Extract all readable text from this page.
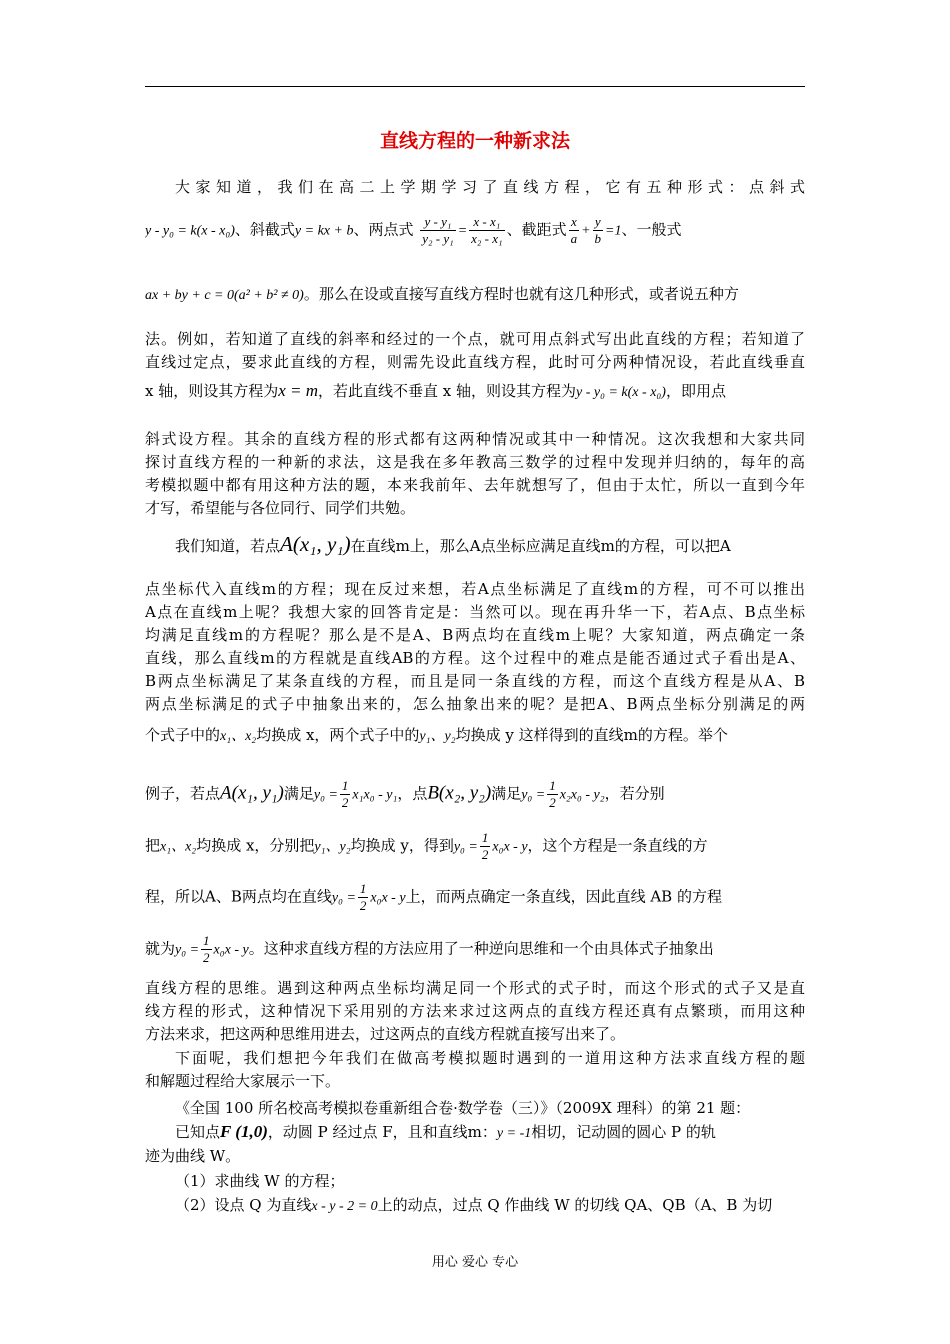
直线方程的一种新求法
大家知道，我们在高二上学期学习了直线方程，它有五种形式：点斜式
y - y₀ = k(x - x₀)、斜截式y = kx + b、两点式 $\frac{\text{y - y₁}}{\text{y₂ - y₁}} = \frac{\text{x - x₁}}{\text{x₂ - x₁}}$ 、截距式 $\frac{x}{a} + \frac{y}{b} =1$、一般式
ax + by + c = 0(a² + b² ≠ 0)。那么在设或直接写直线方程时也就有这几种形式，或者说五种方
法。例如，若知道了直线的斜率和经过的一个点，就可用点斜式写出此直线的方程；若知道了
直线过定点，要求此直线的方程，则需先设此直线方程，此时可分两种情况设，若此直线垂直
x 轴，则设其方程为x = m，若此直线不垂直 x 轴，则设其方程为y - y₀ = k(x - x₀)，即用点
斜式设方程。其余的直线方程的形式都有这两种情况或其中一种情况。这次我想和大家共同
探讨直线方程的一种新的求法，这是我在多年教高三数学的过程中发现并归纳的，每年的高
考模拟题中都有用这种方法的题，本来我前年、去年就想写了，但由于太忙，所以一直到今年
才写，希望能与各位同行、同学们共勉。
我们知道，若点A(x₁, y₁)在直线m上，那么A点坐标应满足直线m的方程，可以把A
点坐标代入直线m的方程；现在反过来想，若A点坐标满足了直线m的方程，可不可以推出
A点在直线m上呢？我想大家的回答肯定是：当然可以。现在再升华一下，若A点、B点坐标
均满足直线m的方程呢？那么是不是A、B两点均在直线m上呢？大家知道，两点确定一条
直线，那么直线m的方程就是直线AB的方程。这个过程中的难点是能否通过式子看出是A、
B两点坐标满足了某条直线的方程，而且是同一条直线的方程，而这个直线方程是从A、B
两点坐标满足的式子中抽象出来的，怎么抽象出来的呢？是把A、B两点坐标分别满足的两
个式子中的x₁、x₂均换成 x，两个式子中的y₁、y₂均换成 y 这样得到的直线m的方程。举个
例子，若点A(x₁, y₁)满足$y_0 = \frac{1}{2} x_1x_0 - y_1$，点B(x₂, y₂)满足$y_0 = \frac{1}{2} x_2x_0 - y_2$，若分别
把x₁、x₂均换成 x，分别把y₁、y₂均换成 y，得到$y_0 = \frac{1}{2} x_0x - y$，这个方程是一条直线的方
程，所以A、B两点均在直线$y_0 = \frac{1}{2} x_0x - y$上，而两点确定一条直线，因此直线 AB 的方程
就为$y_0 = \frac{1}{2} x_0x - y$。这种求直线方程的方法应用了一种逆向思维和一个由具体式子抽象出
直线方程的思维。遇到这种两点坐标均满足同一个形式的式子时，而这个形式的式子又是直
线方程的形式，这种情况下采用别的方法来求过这两点的直线方程还真有点繁琐，而用这种
方法来求，把这两种思维用进去，过这两点的直线方程就直接写出来了。
下面呢，我们想把今年我们在做高考模拟题时遇到的一道用这种方法求直线方程的题
和解题过程给大家展示一下。
《全国 100 所名校高考模拟卷重新组合卷·数学卷（三）》（2009X 理科）的第 21 题：
已知点F (1,0)，动圆 P 经过点 F，且和直线m：y = -1相切，记动圆的圆心 P 的轨
迹为曲线 W。
（1）求曲线 W 的方程；
（2）设点 Q 为直线x - y - 2 = 0上的动点，过点 Q 作曲线 W 的切线 QA、QB（A、B 为切
用心 爱心 专心
